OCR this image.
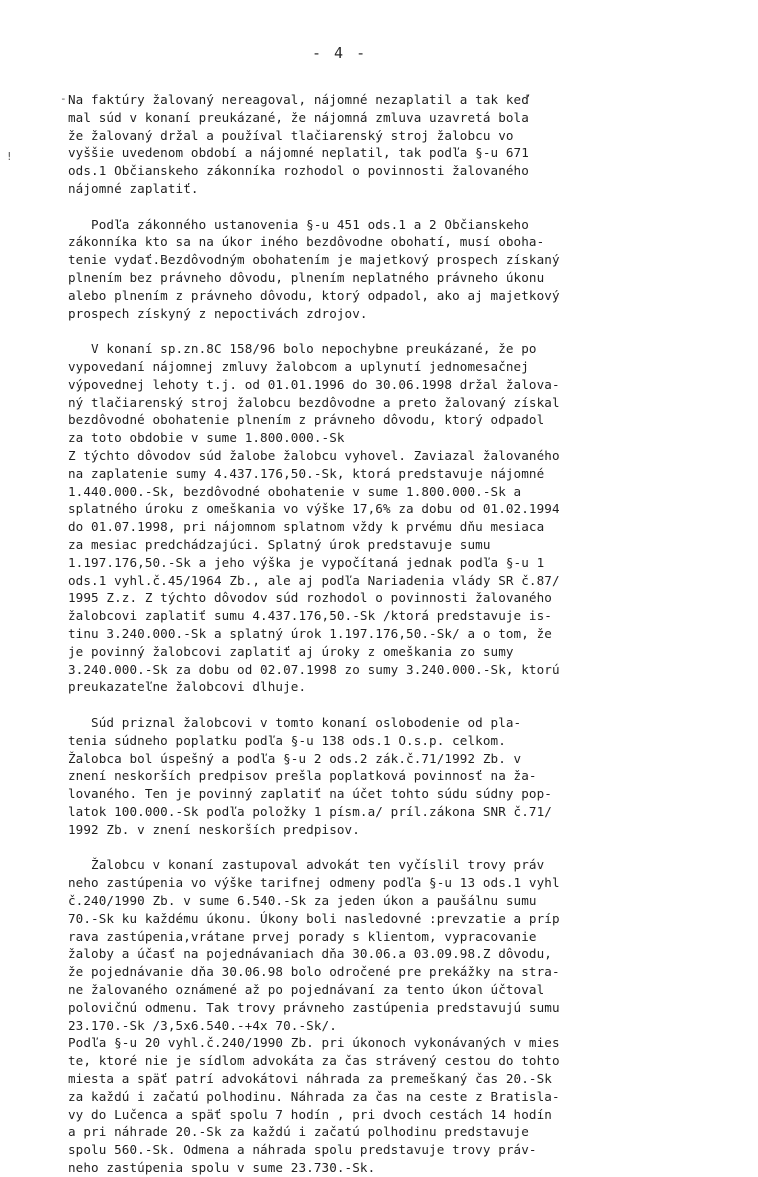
- 4 -
-
!

Na faktúry žalovaný nereagoval, nájomné nezaplatil a tak keď

mal súd v konaní preukázané, že nájomná zmluva uzavretá bola

že žalovaný držal a používal tlačiarenský stroj žalobcu vo

vyššie uvedenom období a nájomné neplatil, tak podľa §-u 671

ods.1 Občianskeho zákonníka rozhodol o povinnosti žalovaného

nájomné zaplatiť.

Podľa zákonného ustanovenia §-u 451 ods.1 a 2 Občianskeho

zákonníka kto sa na úkor iného bezdôvodne obohatí, musí oboha-

tenie vydať.Bezdôvodným obohatením je majetkový prospech získaný

plnením bez právneho dôvodu, plnením neplatného právneho úkonu

alebo plnením z právneho dôvodu, ktorý odpadol, ako aj majetkový

prospech získyný z nepoctivách zdrojov.

V konaní sp.zn.8C 158/96 bolo nepochybne preukázané, že po

vypovedaní nájomnej zmluvy žalobcom a uplynutí jednomesačnej

výpovednej lehoty t.j. od 01.01.1996 do 30.06.1998 držal žalova-

ný tlačiarenský stroj žalobcu bezdôvodne a preto žalovaný získal

bezdôvodné obohatenie plnením z právneho dôvodu, ktorý odpadol

za toto obdobie v sume 1.800.000.-Sk

Z týchto dôvodov súd žalobe žalobcu vyhovel. Zaviazal žalovaného

na zaplatenie sumy 4.437.176,50.-Sk, ktorá predstavuje nájomné

1.440.000.-Sk, bezdôvodné obohatenie v sume 1.800.000.-Sk a

splatného úroku z omeškania vo výške 17,6% za dobu od 01.02.1994

do 01.07.1998, pri nájomnom splatnom vždy k prvému dňu mesiaca

za mesiac predchádzajúci. Splatný úrok predstavuje sumu

1.197.176,50.-Sk a jeho výška je vypočítaná jednak podľa §-u 1

ods.1 vyhl.č.45/1964 Zb., ale aj podľa Nariadenia vlády SR č.87/

1995 Z.z. Z týchto dôvodov súd rozhodol o povinnosti žalovaného

žalobcovi zaplatiť sumu 4.437.176,50.-Sk /ktorá predstavuje is-

tinu 3.240.000.-Sk a splatný úrok 1.197.176,50.-Sk/ a o tom, že

je povinný žalobcovi zaplatiť aj úroky z omeškania zo sumy

3.240.000.-Sk za dobu od 02.07.1998 zo sumy 3.240.000.-Sk, ktorú

preukazateľne žalobcovi dlhuje.

Súd priznal žalobcovi v tomto konaní oslobodenie od pla-

tenia súdneho poplatku podľa §-u 138 ods.1 O.s.p. celkom.

Žalobca bol úspešný a podľa §-u 2 ods.2 zák.č.71/1992 Zb. v

znení neskorších predpisov prešla poplatková povinnosť na ža-

lovaného. Ten je povinný zaplatiť na účet tohto súdu súdny pop-

latok 100.000.-Sk podľa položky 1 písm.a/ príl.zákona SNR č.71/

1992 Zb. v znení neskorších predpisov.

Žalobcu v konaní zastupoval advokát ten vyčíslil trovy práv

neho zastúpenia vo výške tarifnej odmeny podľa §-u 13 ods.1 vyhl

č.240/1990 Zb. v sume 6.540.-Sk za jeden úkon a paušálnu sumu

70.-Sk ku každému úkonu. Úkony boli nasledovné :prevzatie a príp

rava zastúpenia,vrátane prvej porady s klientom, vypracovanie

žaloby a účasť na pojednávaniach dňa 30.06.a 03.09.98.Z dôvodu,

že pojednávanie dňa 30.06.98 bolo odročené pre prekážky na stra-

ne žalovaného oznámené až po pojednávaní za tento úkon účtoval

polovičnú odmenu. Tak trovy právneho zastúpenia predstavujú sumu

23.170.-Sk /3,5x6.540.-+4x 70.-Sk/.

Podľa §-u 20 vyhl.č.240/1990 Zb. pri úkonoch vykonávaných v mies

te, ktoré nie je sídlom advokáta za čas strávený cestou do tohto

miesta a späť patrí advokátovi náhrada za premeškaný čas 20.-Sk

za každú i začatú polhodinu. Náhrada za čas na ceste z Bratisla-

vy do Lučenca a späť spolu 7 hodín , pri dvoch cestách 14 hodín

a pri náhrade 20.-Sk za každú i začatú polhodinu predstavuje

spolu 560.-Sk. Odmena a náhrada spolu predstavuje trovy práv-

neho zastúpenia spolu v sume 23.730.-Sk.
